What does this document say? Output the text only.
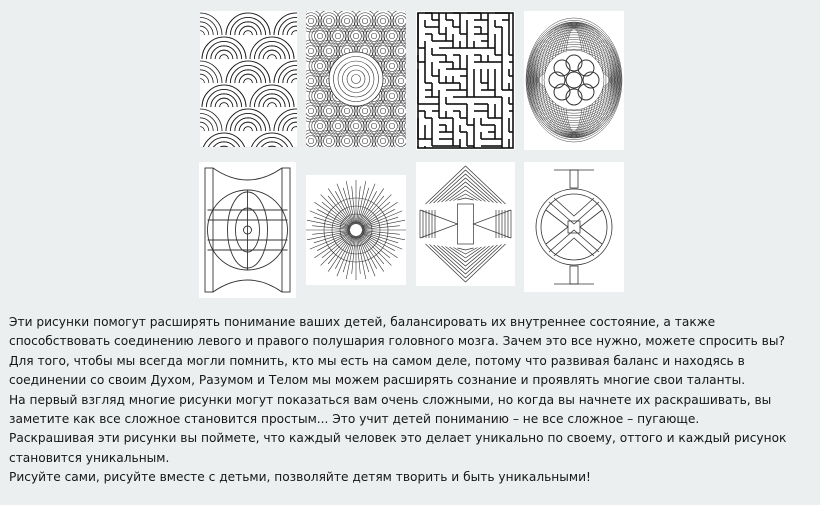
Эти рисунки помогут расширять понимание ваших детей, балансировать их внутреннее состояние, а также способствовать соединению левого и правого полушария головного мозга. Зачем это все нужно, можете спросить вы? Для того, чтобы мы всегда могли помнить, кто мы есть на самом деле, потому что развивая баланс и находясь в соединении со своим Духом, Разумом и Телом мы можем расширять сознание и проявлять многие свои таланты.

На первый взгляд многие рисунки могут показаться вам очень сложными, но когда вы начнете их раскрашивать, вы заметите как все сложное становится простым... Это учит детей пониманию – не все сложное – пугающе.

Раскрашивая эти рисунки вы поймете, что каждый человек это делает уникально по своему, оттого и каждый рисунок становится уникальным.

Рисуйте сами, рисуйте вместе с детьми, позволяйте детям творить и быть уникальными!
